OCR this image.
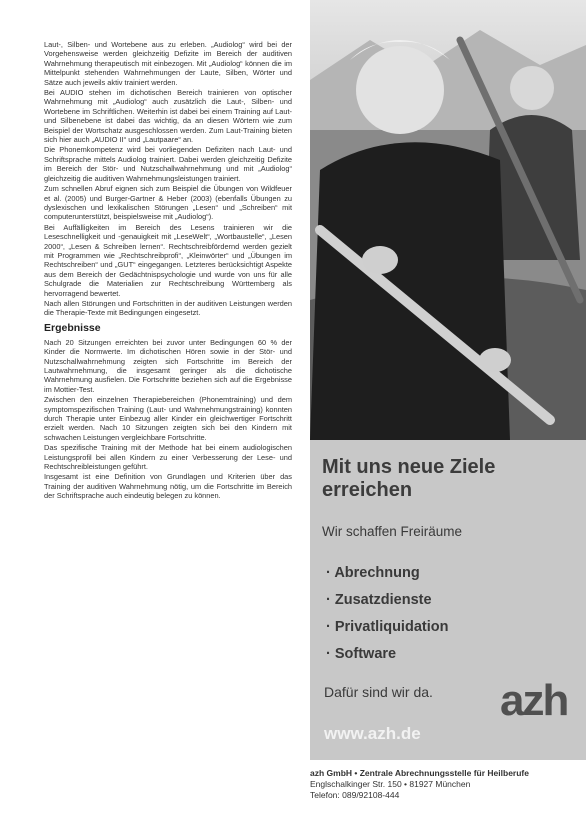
Laut-, Silben- und Wortebene aus zu erleben. „Audiolog“ wird bei der Vorgehensweise werden gleichzeitig Defizite im Bereich der auditiven Wahrnehmung therapeutisch mit einbezogen. Mit „Audiolog“ können die im Mittelpunkt stehenden Wahrnehmungen der Laute, Silben, Wörter und Sätze auch jeweils aktiv trainiert werden.

Bei AUDIO stehen im dichotischen Bereich trainieren von optischer Wahrnehmung mit „Audiolog“ auch zusätzlich die Laut-, Silben- und Wortebene im Schriftlichen. Weiterhin ist dabei bei einem Training auf Laut- und Silbenebene ist dabei das wichtig, da an diesen Wörtern wie zum Beispiel der Wortschatz ausgeschlossen werden. Zum Laut-Training bieten sich hier auch „AUDIO II“ und „Lautpaare“ an.

Die Phonemkompetenz wird bei vorliegenden Defiziten nach Laut- und Schriftsprache mittels Audiolog trainiert. Dabei werden gleichzeitig Defizite im Bereich der Stör- und Nutzschallwahrnehmung und mit „Audiolog“ gleichzeitig die auditiven Wahrnehmungsleistungen trainiert.

Zum schnellen Abruf eignen sich zum Beispiel die Übungen von Wildfeuer et al. (2005) und Burger-Gartner & Heber (2003) (ebenfalls Übungen zu dyslexischen und lexikalischen Störungen „Lesen“ und „Schreiben“ mit computerunterstützt, beispielsweise mit „Audiolog“).

Bei Auffälligkeiten im Bereich des Lesens trainieren wir die Leseschnelligkeit und -genauigkeit mit „LeseWelt“, „Wortbaustelle“, „Lesen 2000“, „Lesen & Schreiben lernen“. Rechtschreibfördernd werden gezielt mit Programmen wie „Rechtschreibprofi“, „Kleinwörter“ und „Übungen im Rechtschreiben“ und „GUT“ eingegangen. Letzteres berücksichtigt Aspekte aus dem Bereich der Gedächtnispsychologie und wurde von uns für alle Schulgrade die Materialien zur Rechtschreibung Württemberg als hervorragend bewertet.

Nach allen Störungen und Fortschritten in der auditiven Leistungen werden die Therapie-Texte mit Bedingungen eingesetzt.

Ergebnisse

Nach 20 Sitzungen erreichten bei zuvor unter Bedingungen 60 % der Kinder die Normwerte. Im dichotischen Hören sowie in der Stör- und Nutzschallwahrnehmung zeigten sich Fortschritte im Bereich der Lautwahrnehmung, die insgesamt geringer als die dichotische Wahrnehmung ausfielen. Die Fortschritte beziehen sich auf die Ergebnisse im Mottier-Test.

Zwischen den einzelnen Therapiebereichen (Phonemtraining) und dem symptomspezifischen Training (Laut- und Wahrnehmungstraining) konnten durch Therapie unter Einbezug aller Kinder ein gleichwertiger Fortschritt erzielt werden. Nach 10 Sitzungen zeigten sich bei den Kindern mit schwachen Leistungen vergleichbare Fortschritte.

Das spezifische Training mit der Methode hat bei einem audiologischen Leistungsprofil bei allen Kindern zu einer Verbesserung der Lese- und Rechtschreibleistungen geführt.

Insgesamt ist eine Definition von Grundlagen und Kriterien über das Training der auditiven Wahrnehmung nötig, um die Fortschritte im Bereich der Schriftsprache auch eindeutig belegen zu können.

Mit uns neue Ziele erreichen
Wir schaffen Freiräume
· Abrechnung
· Zusatzdienste
· Privatliquidation
· Software
Dafür sind wir da. azh
www.azh.de
azh GmbH • Zentrale Abrechnungsstelle für Heilberufe
Englschalkinger Str. 150 • 81927 München
Telefon: 089/92108-444
